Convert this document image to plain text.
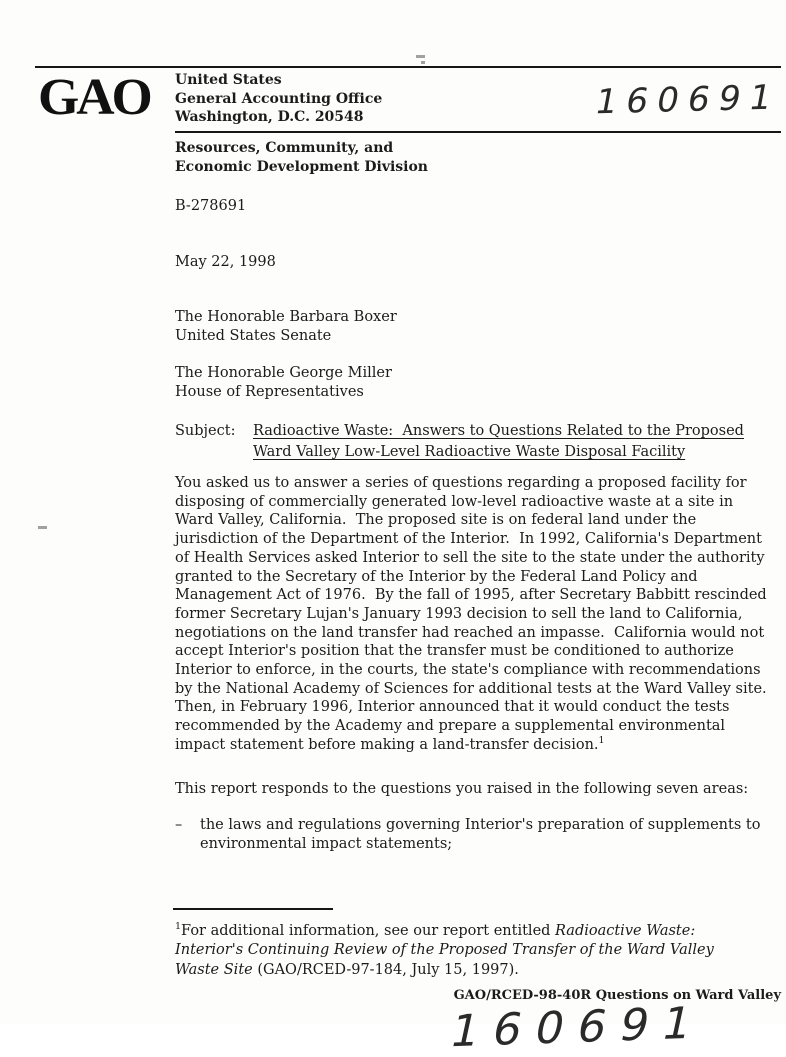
GAO United States
General Accounting Office
Washington, D.C. 20548	160691
Resources, Community, and
Economic Development Division
B-278691
May 22, 1998
The Honorable Barbara Boxer
United States Senate
The Honorable George Miller
House of Representatives
Subject: Radioactive Waste:  Answers to Questions Related to the Proposed
Ward Valley Low-Level Radioactive Waste Disposal Facility
You asked us to answer a series of questions regarding a proposed facility for
disposing of commercially generated low-level radioactive waste at a site in
Ward Valley, California.  The proposed site is on federal land under the
jurisdiction of the Department of the Interior.  In 1992, California's Department
of Health Services asked Interior to sell the site to the state under the authority
granted to the Secretary of the Interior by the Federal Land Policy and
Management Act of 1976.  By the fall of 1995, after Secretary Babbitt rescinded
former Secretary Lujan's January 1993 decision to sell the land to California,
negotiations on the land transfer had reached an impasse.  California would not
accept Interior's position that the transfer must be conditioned to authorize
Interior to enforce, in the courts, the state's compliance with recommendations
by the National Academy of Sciences for additional tests at the Ward Valley site.
Then, in February 1996, Interior announced that it would conduct the tests
recommended by the Academy and prepare a supplemental environmental
impact statement before making a land-transfer decision.$^1$
This report responds to the questions you raised in the following seven areas:
–	the laws and regulations governing Interior's preparation of supplements to
environmental impact statements;
$^1$For additional information, see our report entitled Radioactive Waste:
Interior's Continuing Review of the Proposed Transfer of the Ward Valley
Waste Site (GAO/RCED-97-184, July 15, 1997).
GAO/RCED-98-40R Questions on Ward Valley
160691
